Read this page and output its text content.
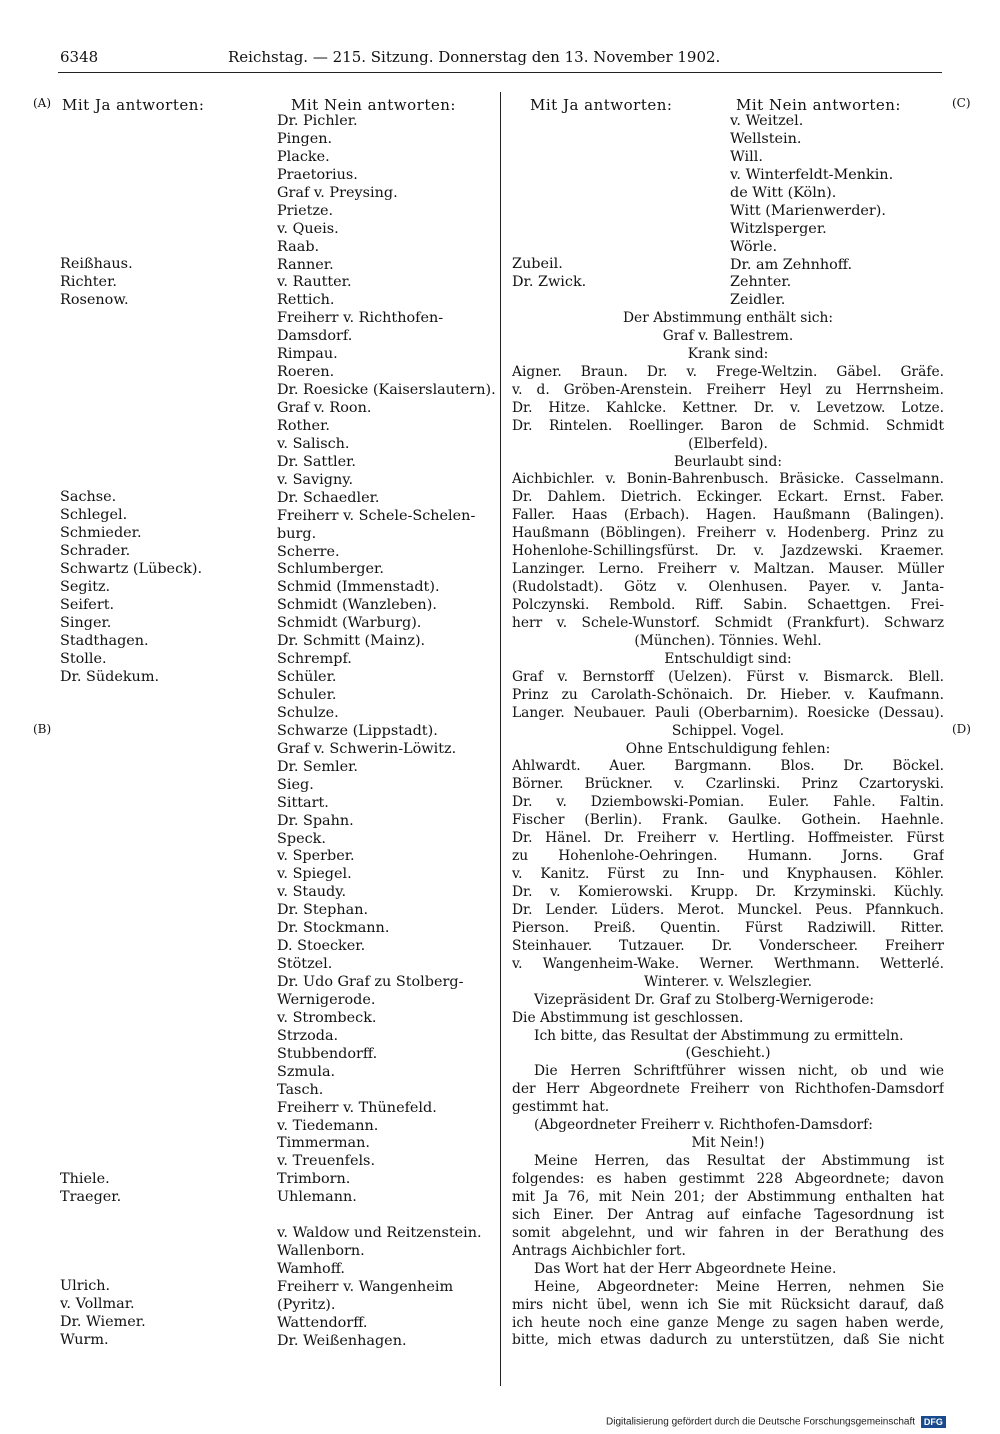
6348	Reichstag. — 215. Sitzung. Donnerstag den 13. November 1902.
(A)
(B)
(C)
(D)
Mit Ja antworten:	Mit Nein antworten:	Mit Ja antworten:	Mit Nein antworten:
Reißhaus.
Richter.
Rosenow.
Sachse.
Schlegel.
Schmieder.
Schrader.
Schwartz (Lübeck).
Segitz.
Seifert.
Singer.
Stadthagen.
Stolle.
Dr. Südekum.
Thiele.
Traeger.
Ulrich.
v. Vollmar.
Dr. Wiemer.
Wurm.
Dr. Pichler.
Pingen.
Placke.
Praetorius.
Graf v. Preysing.
Prietze.
v. Queis.
Raab.
Ranner.
v. Rautter.
Rettich.
Freiherr v. Richthofen-
Damsdorf.
Rimpau.
Roeren.
Dr. Roesicke (Kaiserslautern).
Graf v. Roon.
Rother.
v. Salisch.
Dr. Sattler.
v. Savigny.
Dr. Schaedler.
Freiherr v. Schele-Schelen-
burg.
Scherre.
Schlumberger.
Schmid (Immenstadt).
Schmidt (Wanzleben).
Schmidt (Warburg).
Dr. Schmitt (Mainz).
Schrempf.
Schüler.
Schuler.
Schulze.
Schwarze (Lippstadt).
Graf v. Schwerin-Löwitz.
Dr. Semler.
Sieg.
Sittart.
Dr. Spahn.
Speck.
v. Sperber.
v. Spiegel.
v. Staudy.
Dr. Stephan.
Dr. Stockmann.
D. Stoecker.
Stötzel.
Dr. Udo Graf zu Stolberg-
Wernigerode.
v. Strombeck.
Strzoda.
Stubbendorff.
Szmula.
Tasch.
Freiherr v. Thünefeld.
v. Tiedemann.
Timmerman.
v. Treuenfels.
Trimborn.
Uhlemann.
v. Waldow und Reitzenstein.
Wallenborn.
Wamhoff.
Freiherr v. Wangenheim
(Pyritz).
Wattendorff.
Dr. Weißenhagen.
Zubeil.
Dr. Zwick.
v. Weitzel.
Wellstein.
Will.
v. Winterfeldt-Menkin.
de Witt (Köln).
Witt (Marienwerder).
Witzlsperger.
Wörle.
Dr. am Zehnhoff.
Zehnter.
Zeidler.
Der Abstimmung enthält sich:
Graf v. Ballestrem.
Krank sind:
Aigner. Braun. Dr. v. Frege-Weltzin. Gäbel. Gräfe.
v. d. Gröben-Arenstein. Freiherr Heyl zu Herrnsheim.
Dr. Hitze. Kahlcke. Kettner. Dr. v. Levetzow. Lotze.
Dr. Rintelen. Roellinger. Baron de Schmid. Schmidt
(Elberfeld).
Beurlaubt sind:
Aichbichler. v. Bonin-Bahrenbusch. Bräsicke. Casselmann.
Dr. Dahlem. Dietrich. Eckinger. Eckart. Ernst. Faber.
Faller. Haas (Erbach). Hagen. Haußmann (Balingen).
Haußmann (Böblingen). Freiherr v. Hodenberg. Prinz zu
Hohenlohe-Schillingsfürst. Dr. v. Jazdzewski. Kraemer.
Lanzinger. Lerno. Freiherr v. Maltzan. Mauser. Müller
(Rudolstadt). Götz v. Olenhusen. Payer. v. Janta-
Polczynski. Rembold. Riff. Sabin. Schaettgen. Frei-
herr v. Schele-Wunstorf. Schmidt (Frankfurt). Schwarz
(München). Tönnies. Wehl.
Entschuldigt sind:
Graf v. Bernstorff (Uelzen). Fürst v. Bismarck. Blell.
Prinz zu Carolath-Schönaich. Dr. Hieber. v. Kaufmann.
Langer. Neubauer. Pauli (Oberbarnim). Roesicke (Dessau).
Schippel. Vogel.
Ohne Entschuldigung fehlen:
Ahlwardt. Auer. Bargmann. Blos. Dr. Böckel.
Börner. Brückner. v. Czarlinski. Prinz Czartoryski.
Dr. v. Dziembowski-Pomian. Euler. Fahle. Faltin.
Fischer (Berlin). Frank. Gaulke. Gothein. Haehnle.
Dr. Hänel. Dr. Freiherr v. Hertling. Hoffmeister. Fürst
zu Hohenlohe-Oehringen. Humann. Jorns. Graf
v. Kanitz. Fürst zu Inn- und Knyphausen. Köhler.
Dr. v. Komierowski. Krupp. Dr. Krzyminski. Küchly.
Dr. Lender. Lüders. Merot. Munckel. Peus. Pfannkuch.
Pierson. Preiß. Quentin. Fürst Radziwill. Ritter.
Steinhauer. Tutzauer. Dr. Vonderscheer. Freiherr
v. Wangenheim-Wake. Werner. Werthmann. Wetterlé.
Winterer. v. Welszlegier.
Vizepräsident Dr. Graf zu Stolberg-Wernigerode:
Die Abstimmung ist geschlossen.
Ich bitte, das Resultat der Abstimmung zu ermitteln.
(Geschieht.)
Die Herren Schriftführer wissen nicht, ob und wie
der Herr Abgeordnete Freiherr von Richthofen-Damsdorf
gestimmt hat.
(Abgeordneter Freiherr v. Richthofen-Damsdorf:
Mit Nein!)
Meine Herren, das Resultat der Abstimmung ist
folgendes: es haben gestimmt 228 Abgeordnete; davon
mit Ja 76, mit Nein 201; der Abstimmung enthalten hat
sich Einer. Der Antrag auf einfache Tagesordnung ist
somit abgelehnt, und wir fahren in der Berathung des
Antrags Aichbichler fort.
Das Wort hat der Herr Abgeordnete Heine.
Heine, Abgeordneter: Meine Herren, nehmen Sie
mirs nicht übel, wenn ich Sie mit Rücksicht darauf, daß
ich heute noch eine ganze Menge zu sagen haben werde,
bitte, mich etwas dadurch zu unterstützen, daß Sie nicht
Digitalisierung gefördert durch die Deutsche Forschungsgemeinschaft DFG
